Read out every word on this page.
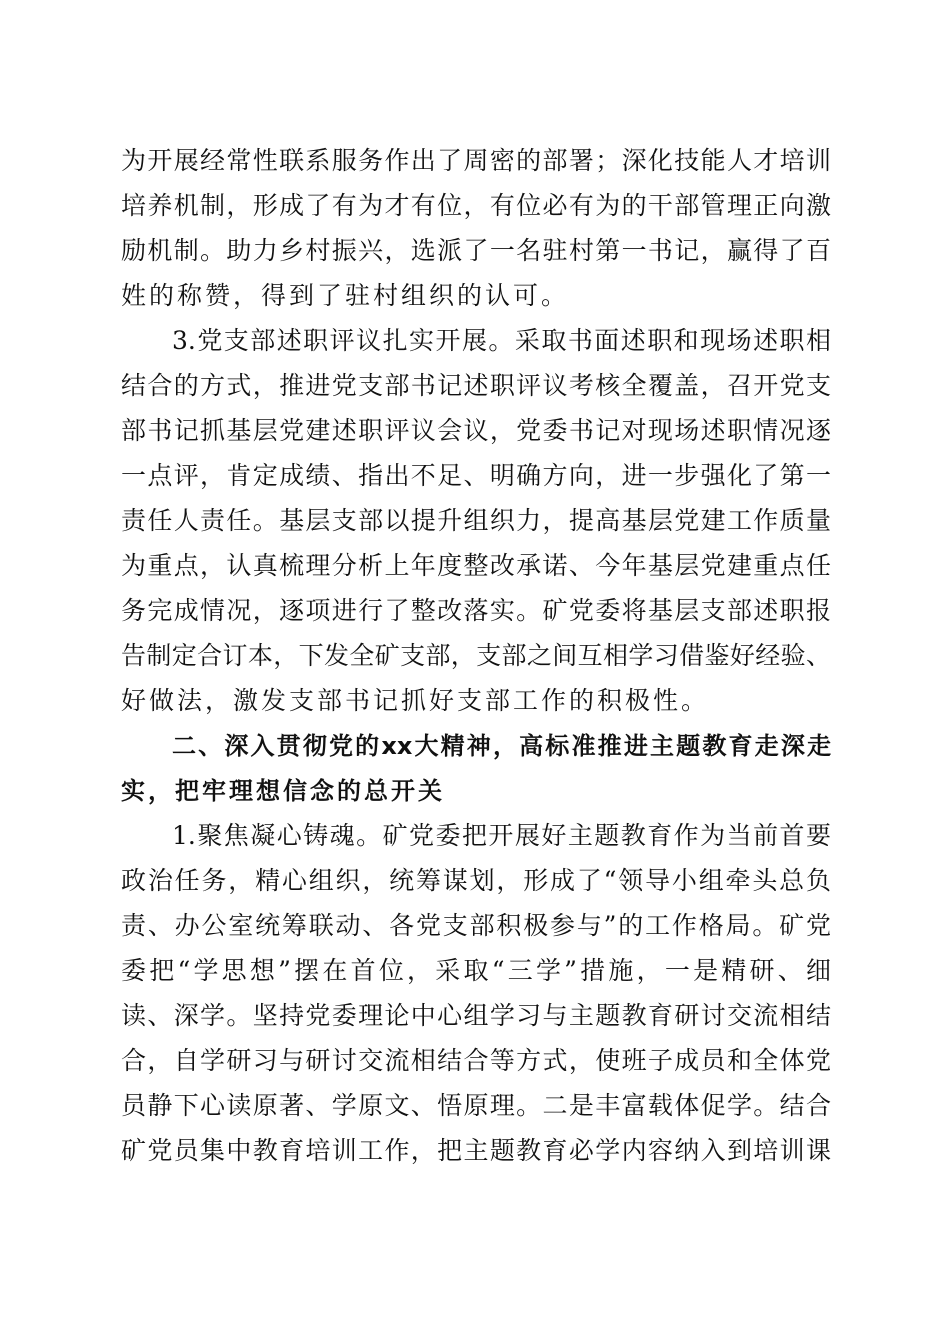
为开展经常性联系服务作出了周密的部署；深化技能人才培训
培养机制，形成了有为才有位，有位必有为的干部管理正向激
励机制。助力乡村振兴，选派了一名驻村第一书记，赢得了百
姓的称赞，得到了驻村组织的认可。
3.党支部述职评议扎实开展。采取书面述职和现场述职相
结合的方式，推进党支部书记述职评议考核全覆盖，召开党支
部书记抓基层党建述职评议会议，党委书记对现场述职情况逐
一点评，肯定成绩、指出不足、明确方向，进一步强化了第一
责任人责任。基层支部以提升组织力，提高基层党建工作质量
为重点，认真梳理分析上年度整改承诺、今年基层党建重点任
务完成情况，逐项进行了整改落实。矿党委将基层支部述职报
告制定合订本，下发全矿支部，支部之间互相学习借鉴好经验、
好做法，激发支部书记抓好支部工作的积极性。
二、深入贯彻党的xx大精神，高标准推进主题教育走深走
实，把牢理想信念的总开关
1.聚焦凝心铸魂。矿党委把开展好主题教育作为当前首要
政治任务，精心组织，统筹谋划，形成了“领导小组牵头总负
责、办公室统筹联动、各党支部积极参与”的工作格局。矿党
委把“学思想”摆在首位，采取“三学”措施，一是精研、细
读、深学。坚持党委理论中心组学习与主题教育研讨交流相结
合，自学研习与研讨交流相结合等方式，使班子成员和全体党
员静下心读原著、学原文、悟原理。二是丰富载体促学。结合
矿党员集中教育培训工作，把主题教育必学内容纳入到培训课
